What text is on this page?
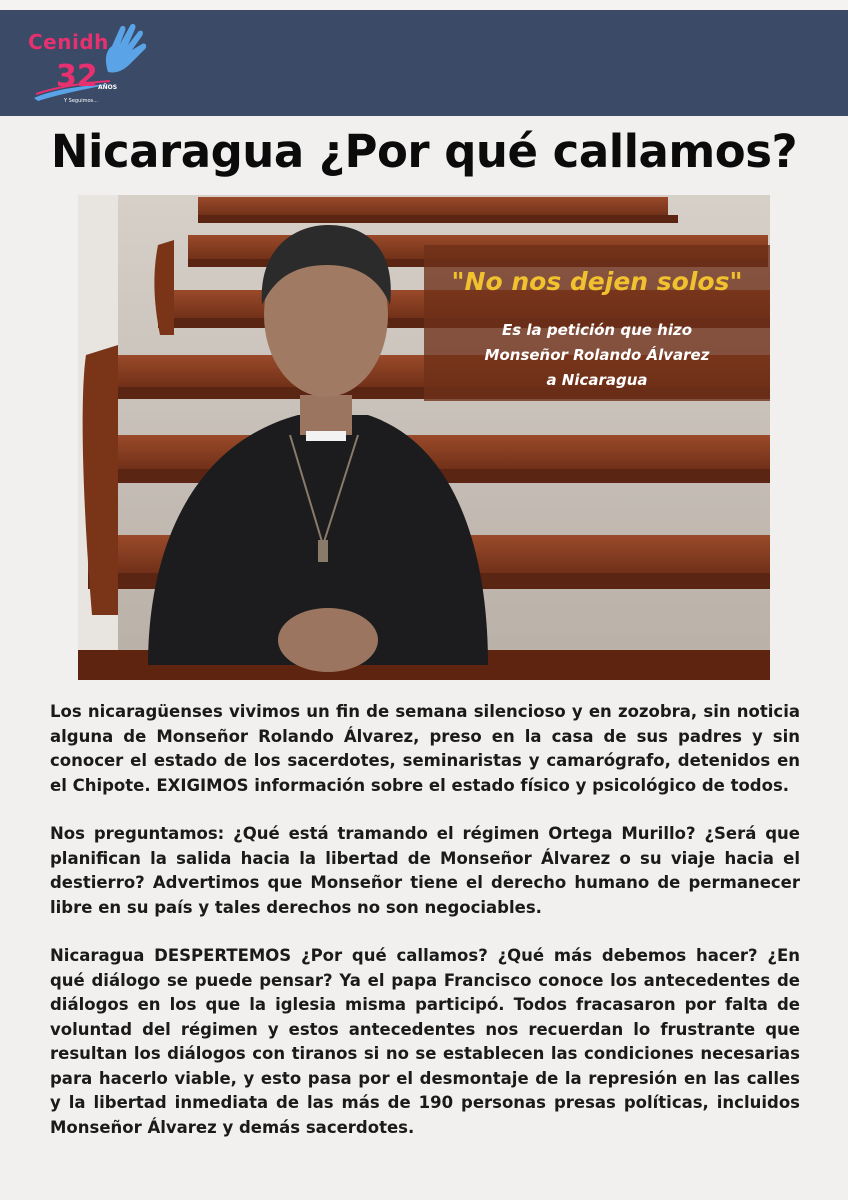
Cenidh
32 AÑOS
Y Seguimos...
Nicaragua ¿Por qué callamos?
"No nos dejen solos"
Es la petición que hizo
Monseñor Rolando Álvarez
a Nicaragua

Los nicaragüenses vivimos un fin de semana silencioso y en zozobra, sin noticia alguna de Monseñor Rolando Álvarez, preso en la casa de sus padres y sin conocer el estado de los sacerdotes, seminaristas y camarógrafo, detenidos en el Chipote. EXIGIMOS información sobre el estado físico y psicológico de todos.

Nos preguntamos: ¿Qué está tramando el régimen Ortega Murillo? ¿Será que planifican la salida hacia la libertad de Monseñor Álvarez o su viaje hacia el destierro? Advertimos que Monseñor tiene el derecho humano de permanecer libre en su país y tales derechos no son negociables.

Nicaragua DESPERTEMOS ¿Por qué callamos? ¿Qué más debemos hacer? ¿En qué diálogo se puede pensar? Ya el papa Francisco conoce los antecedentes de diálogos en los que la iglesia misma participó. Todos fracasaron por falta de voluntad del régimen y estos antecedentes nos recuerdan lo frustrante que resultan los diálogos con tiranos si no se establecen las condiciones necesarias para hacerlo viable, y esto pasa por el desmontaje de la represión en las calles y la libertad inmediata de las más de 190 personas presas políticas, incluidos Monseñor Álvarez y demás sacerdotes.
